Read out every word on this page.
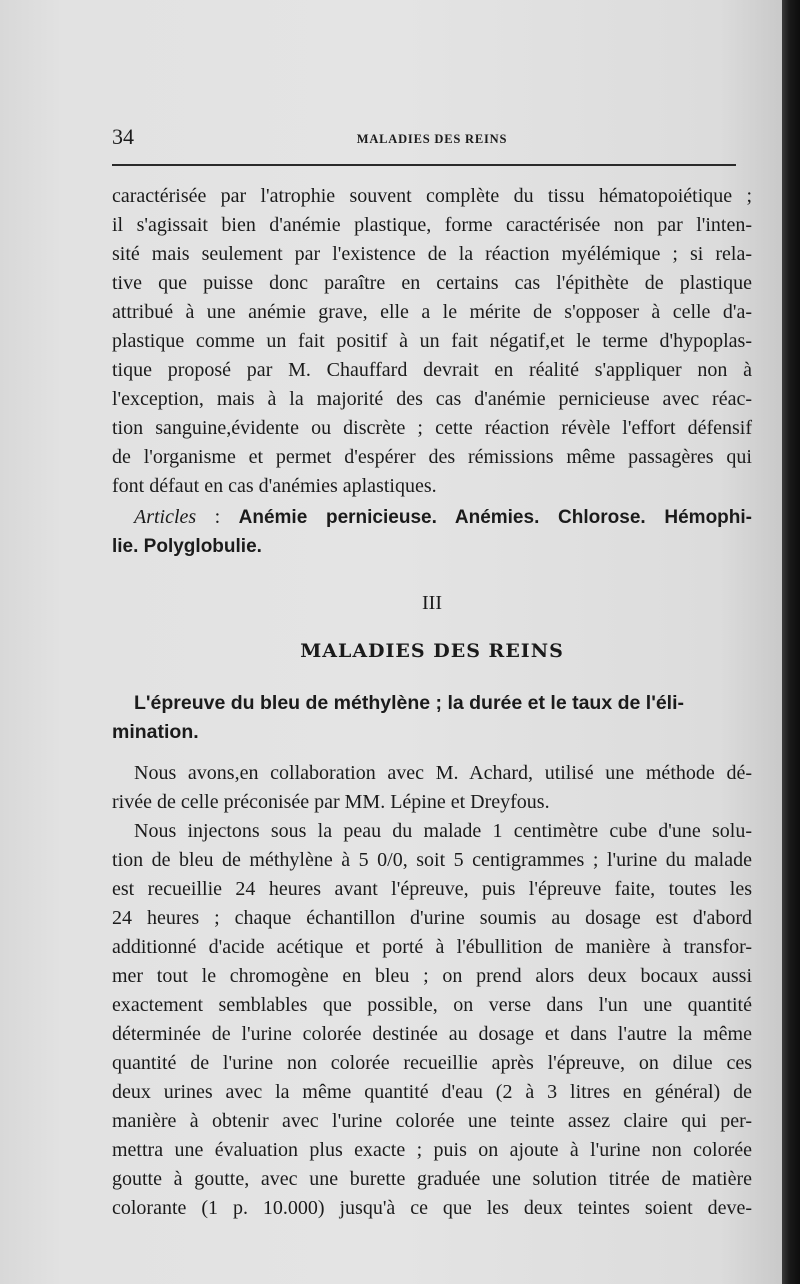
34	MALADIES DES REINS
caractérisée par l'atrophie souvent complète du tissu hématopoiétique ;
il s'agissait bien d'anémie plastique, forme caractérisée non par l'inten-
sité mais seulement par l'existence de la réaction myélémique ; si rela-
tive que puisse donc paraître en certains cas l'épithète de plastique
attribué à une anémie grave, elle a le mérite de s'opposer à celle d'a-
plastique comme un fait positif à un fait négatif,et le terme d'hypoplas-
tique proposé par M. Chauffard devrait en réalité s'appliquer non à
l'exception, mais à la majorité des cas d'anémie pernicieuse avec réac-
tion sanguine,évidente ou discrète ; cette réaction révèle l'effort défensif
de l'organisme et permet d'espérer des rémissions même passagères qui
font défaut en cas d'anémies aplastiques.
Articles : Anémie pernicieuse. Anémies. Chlorose. Hémophi-
lie. Polyglobulie.
III
MALADIES DES REINS
L'épreuve du bleu de méthylène ; la durée et le taux de l'éli-
mination.
Nous avons,en collaboration avec M. Achard, utilisé une méthode dé-
rivée de celle préconisée par MM. Lépine et Dreyfous.
Nous injectons sous la peau du malade 1 centimètre cube d'une solu-
tion de bleu de méthylène à 5 0/0, soit 5 centigrammes ; l'urine du malade
est recueillie 24 heures avant l'épreuve, puis l'épreuve faite, toutes les
24 heures ; chaque échantillon d'urine soumis au dosage est d'abord
additionné d'acide acétique et porté à l'ébullition de manière à transfor-
mer tout le chromogène en bleu ; on prend alors deux bocaux aussi
exactement semblables que possible, on verse dans l'un une quantité
déterminée de l'urine colorée destinée au dosage et dans l'autre la même
quantité de l'urine non colorée recueillie après l'épreuve, on dilue ces
deux urines avec la même quantité d'eau (2 à 3 litres en général) de
manière à obtenir avec l'urine colorée une teinte assez claire qui per-
mettra une évaluation plus exacte ; puis on ajoute à l'urine non colorée
goutte à goutte, avec une burette graduée une solution titrée de matière
colorante (1 p. 10.000) jusqu'à ce que les deux teintes soient deve-
